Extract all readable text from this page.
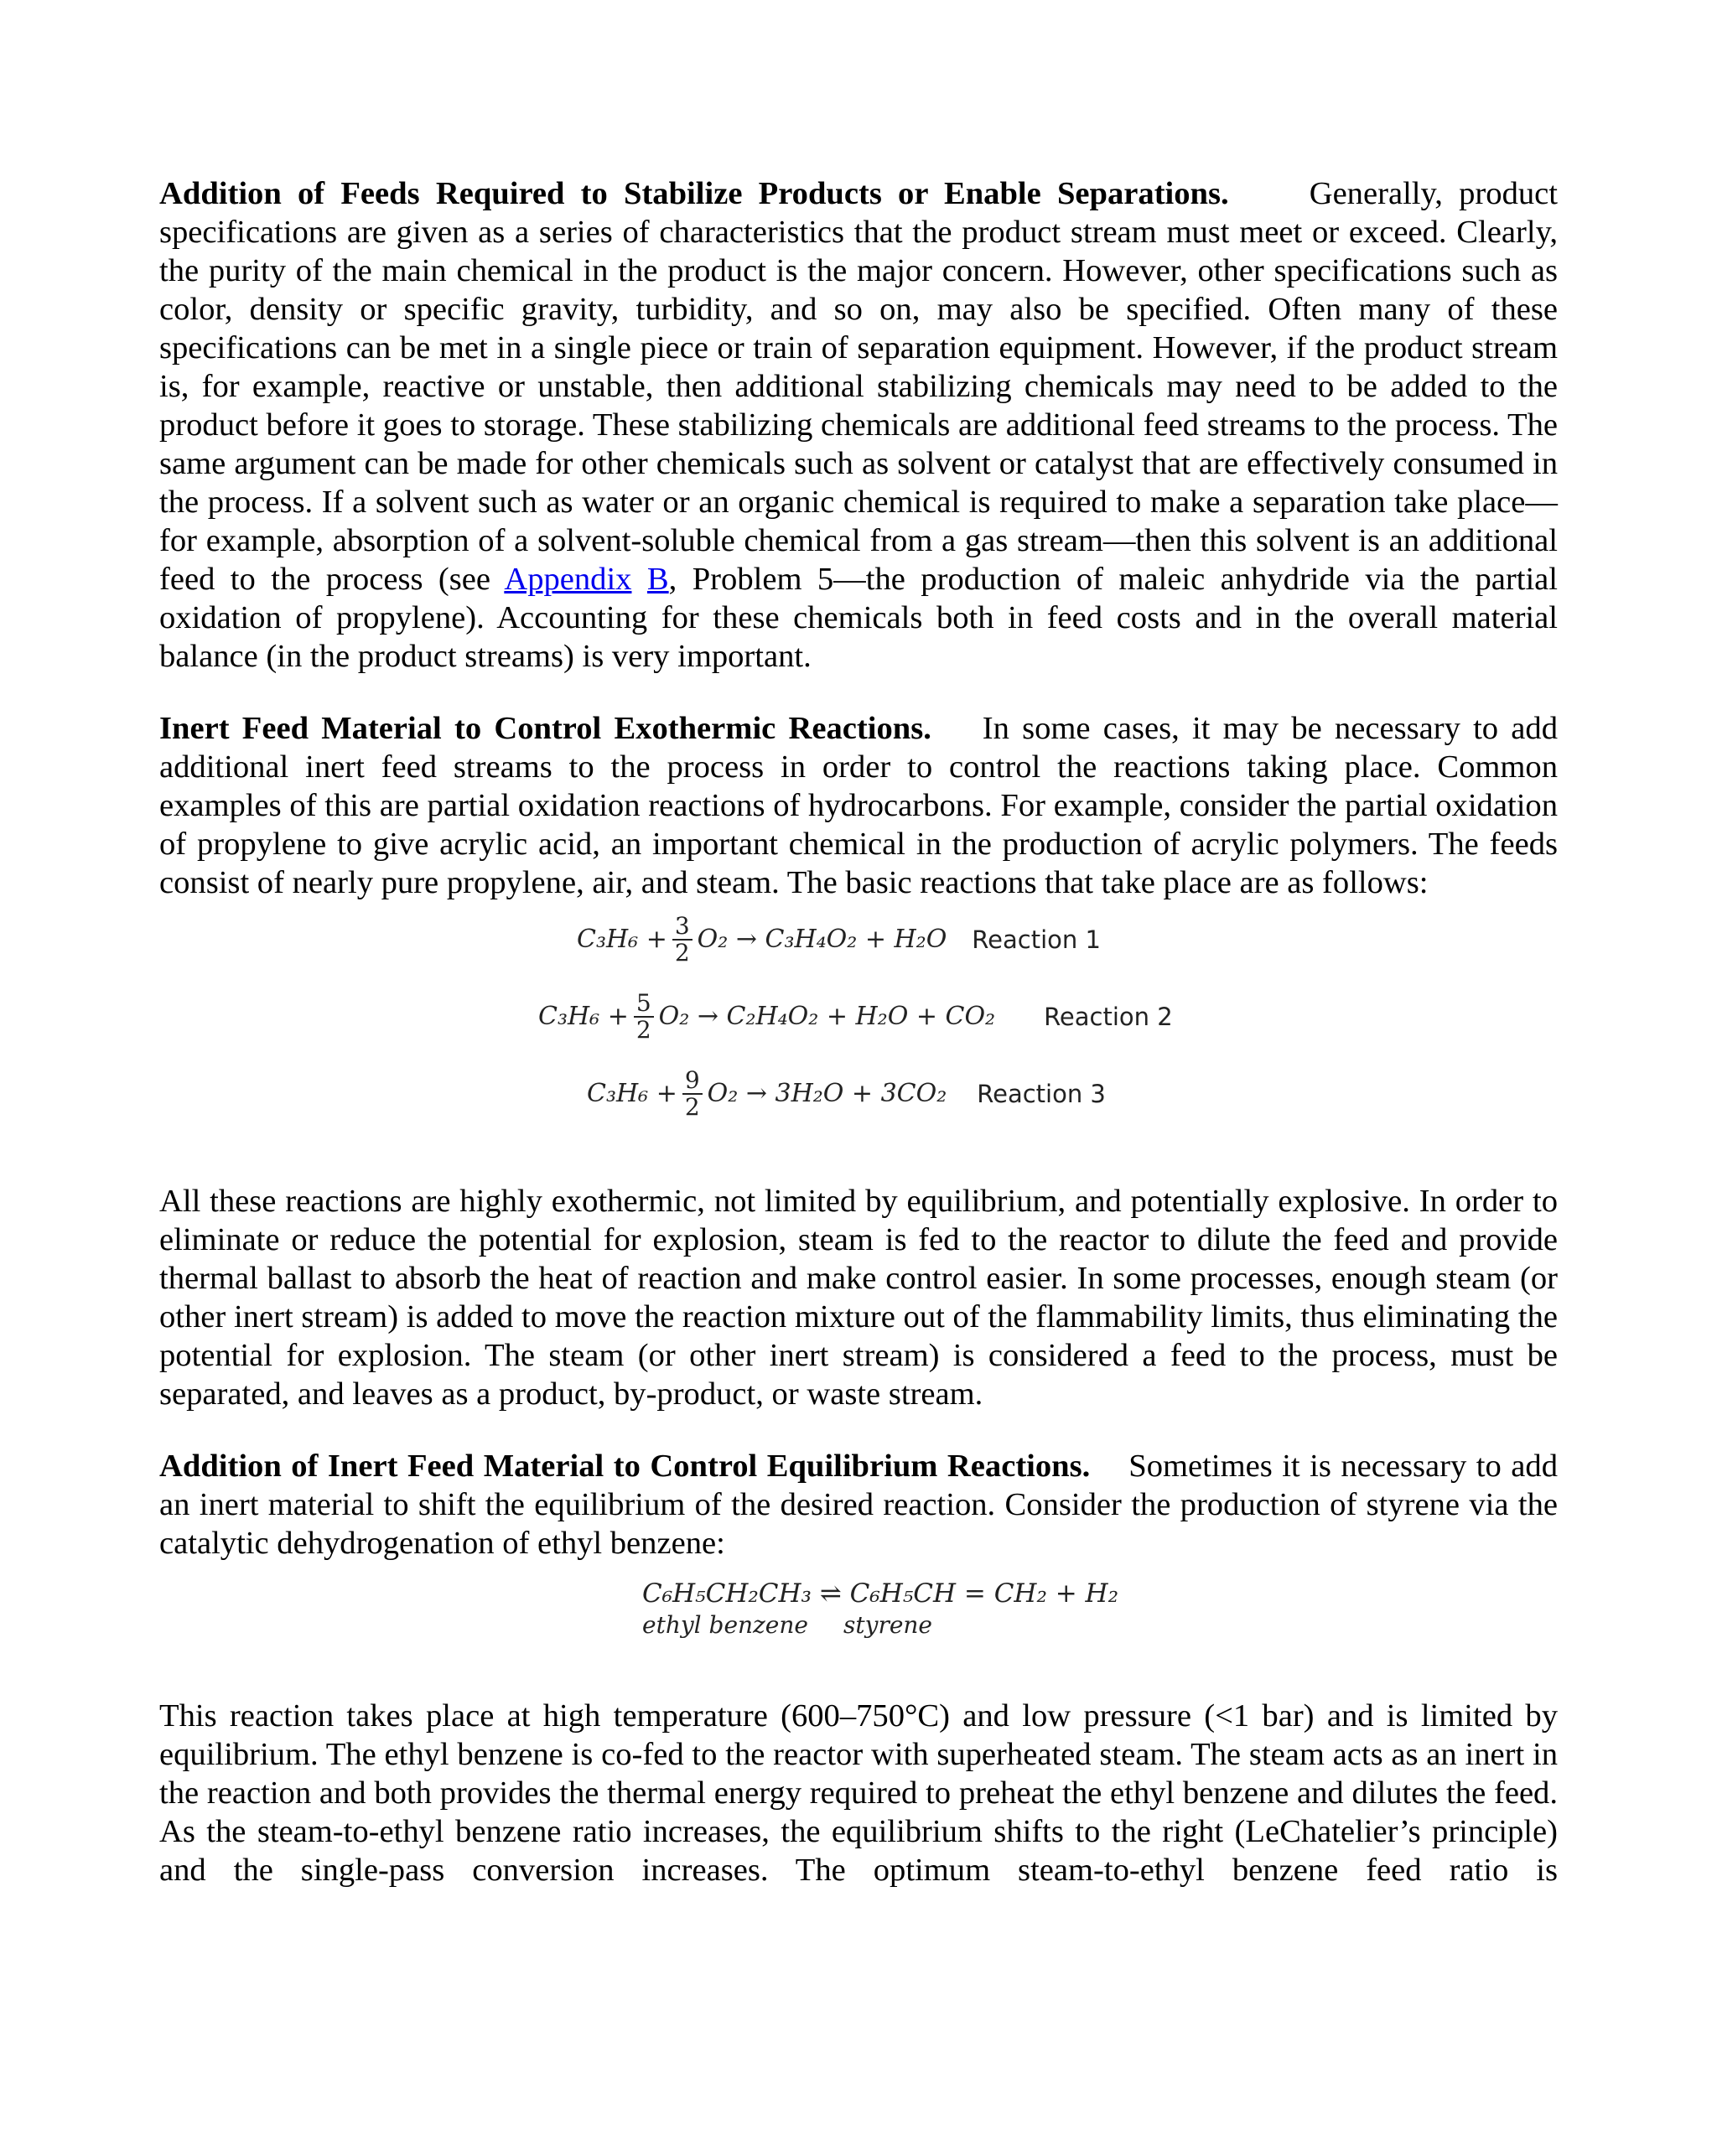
Addition of Feeds Required to Stabilize Products or Enable Separations. Generally, product specifications are given as a series of characteristics that the product stream must meet or exceed. Clearly, the purity of the main chemical in the product is the major concern. However, other specifications such as color, density or specific gravity, turbidity, and so on, may also be specified. Often many of these specifications can be met in a single piece or train of separation equipment. However, if the product stream is, for example, reactive or unstable, then additional stabilizing chemicals may need to be added to the product before it goes to storage. These stabilizing chemicals are additional feed streams to the process. The same argument can be made for other chemicals such as solvent or catalyst that are effectively consumed in the process. If a solvent such as water or an organic chemical is required to make a separation take place—for example, absorption of a solvent-soluble chemical from a gas stream—then this solvent is an additional feed to the process (see Appendix B, Problem 5—the production of maleic anhydride via the partial oxidation of propylene). Accounting for these chemicals both in feed costs and in the overall material balance (in the product streams) is very important.

Inert Feed Material to Control Exothermic Reactions. In some cases, it may be necessary to add additional inert feed streams to the process in order to control the reactions taking place. Common examples of this are partial oxidation reactions of hydrocarbons. For example, consider the partial oxidation of propylene to give acrylic acid, an important chemical in the production of acrylic polymers. The feeds consist of nearly pure propylene, air, and steam. The basic reactions that take place are as follows:

$C_3H_6 + \frac{3}{2} O_2 \to C_3H_4O_2 + H_2O$ Reaction 1
$C_3H_6 + \frac{5}{2} O_2 \to C_2H_4O_2 + H_2O + CO_2$ Reaction 2
$C_3H_6 + \frac{9}{2} O_2 \to 3H_2O + 3CO_2$ Reaction 3

All these reactions are highly exothermic, not limited by equilibrium, and potentially explosive. In order to eliminate or reduce the potential for explosion, steam is fed to the reactor to dilute the feed and provide thermal ballast to absorb the heat of reaction and make control easier. In some processes, enough steam (or other inert stream) is added to move the reaction mixture out of the flammability limits, thus eliminating the potential for explosion. The steam (or other inert stream) is considered a feed to the process, must be separated, and leaves as a product, by-product, or waste stream.

Addition of Inert Feed Material to Control Equilibrium Reactions. Sometimes it is necessary to add an inert material to shift the equilibrium of the desired reaction. Consider the production of styrene via the catalytic dehydrogenation of ethyl benzene:

C₆H₅CH₂CH₃ ⇌ C₆H₅CH = CH₂ + H₂
ethyl benzene styrene

This reaction takes place at high temperature (600–750°C) and low pressure (<1 bar) and is limited by equilibrium. The ethyl benzene is co-fed to the reactor with superheated steam. The steam acts as an inert in the reaction and both provides the thermal energy required to preheat the ethyl benzene and dilutes the feed. As the steam-to-ethyl benzene ratio increases, the equilibrium shifts to the right (LeChatelier’s principle) and the single-pass conversion increases. The optimum steam-to-ethyl benzene feed ratio is
